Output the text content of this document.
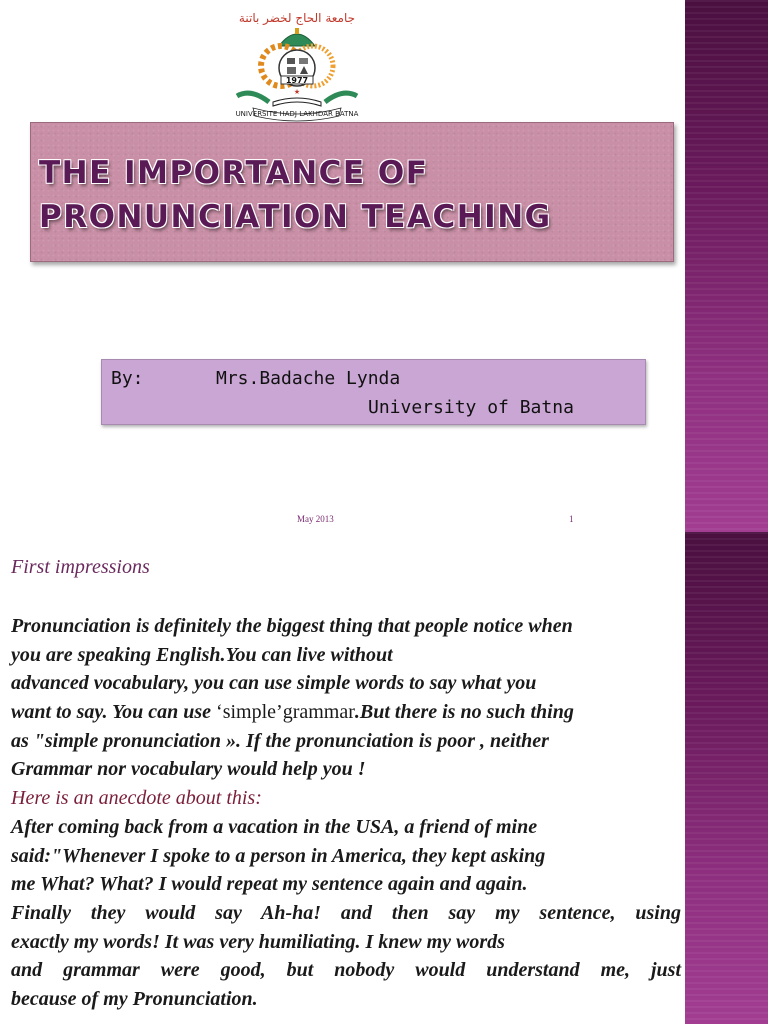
جامعة الحاج لخضر باتنة
1977
★
UNIVERSITE HADJ LAKHDAR BATNA
THE IMPORTANCE OF
PRONUNCIATION TEACHING
By:	Mrs.Badache Lynda
University of Batna
May 2013	1
First impressions
Pronunciation is definitely the biggest thing that people notice when
you are speaking English.You can live without
advanced vocabulary, you can use simple words to say what you
want to say. You can use ‘simple’grammar.But there is no such thing
as "simple pronunciation ». If the pronunciation is poor , neither
Grammar nor vocabulary would help you !
Here is an anecdote about this:
After coming back from a vacation in the USA, a friend of mine
said:"Whenever I spoke to a person in America, they kept asking
me What? What? I would repeat my sentence again and again.
Finally they would say Ah-ha! and then say my sentence, using
exactly my words! It was very humiliating. I knew my words
and grammar were good, but nobody would understand me, just
because of my Pronunciation.
